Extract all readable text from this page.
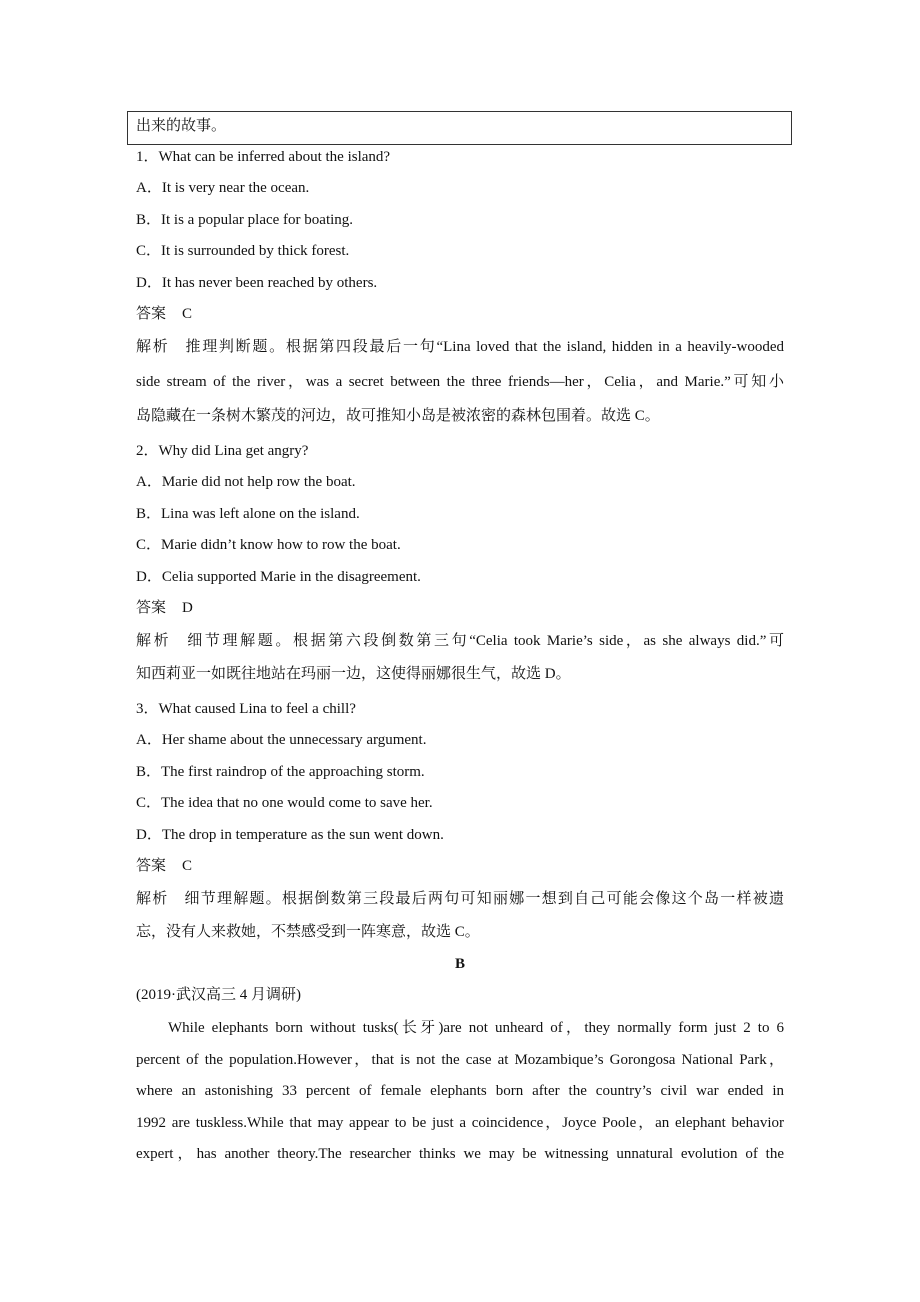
出来的故事。
1．What can be inferred about the island?
A．It is very near the ocean.
B．It is a popular place for boating.
C．It is surrounded by thick forest.
D．It has never been reached by others.
答案 C
解析 推理判断题。根据第四段最后一句“Lina loved that the island, hidden in a heavily-wooded
side stream of the river，was a secret between the three friends—her，Celia，and Marie.”可知小
岛隐藏在一条树木繁茂的河边，故可推知小岛是被浓密的森林包围着。故选 C。
2．Why did Lina get angry?
A．Marie did not help row the boat.
B．Lina was left alone on the island.
C．Marie didn’t know how to row the boat.
D．Celia supported Marie in the disagreement.
答案 D
解析 细节理解题。根据第六段倒数第三句“Celia took Marie’s side，as she always did.”可
知西莉亚一如既往地站在玛丽一边，这使得丽娜很生气，故选 D。
3．What caused Lina to feel a chill?
A．Her shame about the unnecessary argument.
B．The first raindrop of the approaching storm.
C．The idea that no one would come to save her.
D．The drop in temperature as the sun went down.
答案 C
解析 细节理解题。根据倒数第三段最后两句可知丽娜一想到自己可能会像这个岛一样被遗
忘，没有人来救她，不禁感受到一阵寒意，故选 C。
B
(2019·武汉高三 4 月调研)
While elephants born without tusks(长牙)are not unheard of，they normally form just 2 to 6
percent of the population.However，that is not the case at Mozambique’s Gorongosa National Park，
where an astonishing 33 percent of female elephants born after the country’s civil war ended in
1992 are tuskless.While that may appear to be just a coincidence，Joyce Poole，an elephant behavior
expert，has another theory.The researcher thinks we may be witnessing unnatural evolution of the
